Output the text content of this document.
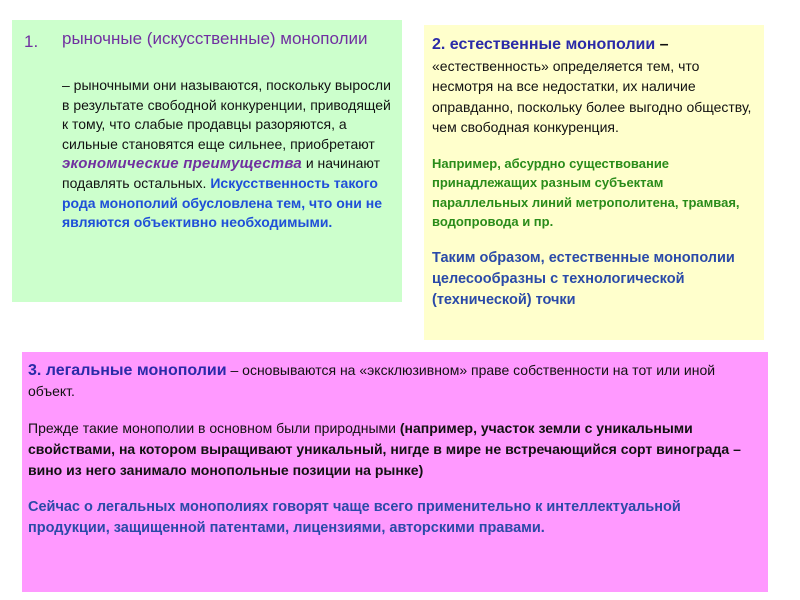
1. рыночные (искусственные) монополии
– рыночными они называются, поскольку выросли в результате свободной конкуренции, приводящей к тому, что слабые продавцы разоряются, а сильные становятся еще сильнее, приобретают экономические преимущества и начинают подавлять остальных. Искусственность такого рода монополий обусловлена тем, что они не являются объективно необходимыми.
2. естественные монополии – «естественность» определяется тем, что несмотря на все недостатки, их наличие оправданно, поскольку более выгодно обществу, чем свободная конкуренция.
Например, абсурдно существование принадлежащих разным субъектам параллельных линий метрополитена, трамвая, водопровода и пр.
Таким образом, естественные монополии целесообразны с технологической (технической) точки
3. легальные монополии – основываются на «эксклюзивном» праве собственности на тот или иной объект.
Прежде такие монополии в основном были природными (например, участок земли с уникальными свойствами, на котором выращивают уникальный, нигде в мире не встречающийся сорт винограда – вино из него занимало монопольные позиции на рынке)
Сейчас о легальных монополиях говорят чаще всего применительно к интеллектуальной продукции, защищенной патентами, лицензиями, авторскими правами.
